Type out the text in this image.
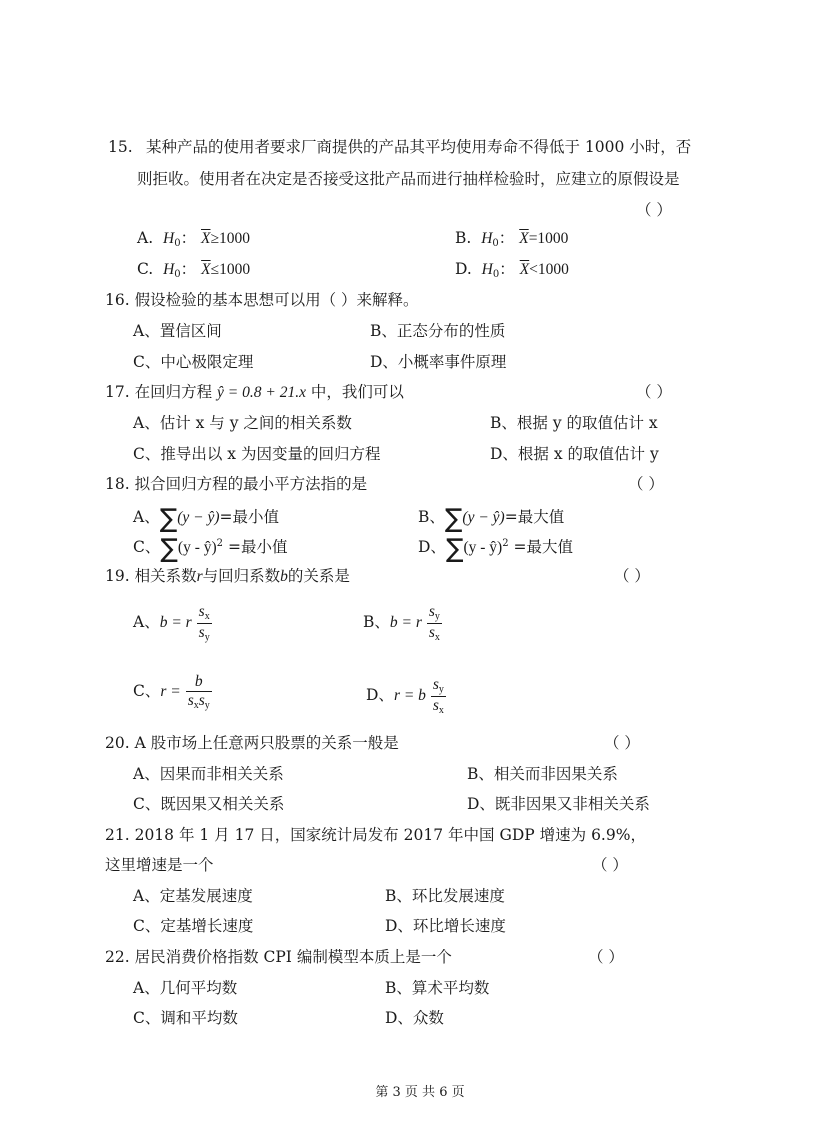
15. 某种产品的使用者要求厂商提供的产品其平均使用寿命不得低于 1000 小时，否
则拒收。使用者在决定是否接受这批产品而进行抽样检验时，应建立的原假设是
（ ）
A. $H_0$： $\overline{X}\ge 1000$	B. $H_0$： $\overline{X}=1000$
C. $H_0$： $\overline{X}\le 1000$	D. $H_0$： $\overline{X}<1000$
16. 假设检验的基本思想可以用（ ）来解释。
A、置信区间	B、正态分布的性质
C、中心极限定理	D、小概率事件原理
17. 在回归方程 ŷ = 0.8 + 21.x 中，我们可以	（ ）
A、估计 x 与 y 之间的相关系数	B、根据 y 的取值估计 x
C、推导出以 x 为因变量的回归方程	D、根据 x 的取值估计 y
18. 拟合回归方程的最小平方法指的是	（ ）
A、∑(y − ŷ)=最小值	B、∑(y − ŷ)=最大值
C、∑(y - ŷ)$^2$ =最小值	D、∑(y - ŷ)$^2$ =最大值
19. 相关系数r与回归系数b的关系是	（ ）
A、b = r $\frac{s_x}{s_y}$	B、b = r $\frac{s_y}{s_x}$
C、$r = \frac{b}{s_xs_y}$	D、r = b $\frac{s_y}{s_x}$
20. A 股市场上任意两只股票的关系一般是	（ ）
A、因果而非相关关系	B、相关而非因果关系
C、既因果又相关关系	D、既非因果又非相关关系
21. 2018 年 1 月 17 日，国家统计局发布 2017 年中国 GDP 增速为 6.9%，
这里增速是一个	（ ）
A、定基发展速度	B、环比发展速度
C、定基增长速度	D、环比增长速度
22. 居民消费价格指数 CPI 编制模型本质上是一个	（ ）
A、几何平均数	B、算术平均数
C、调和平均数	D、众数
第 3 页 共 6 页
